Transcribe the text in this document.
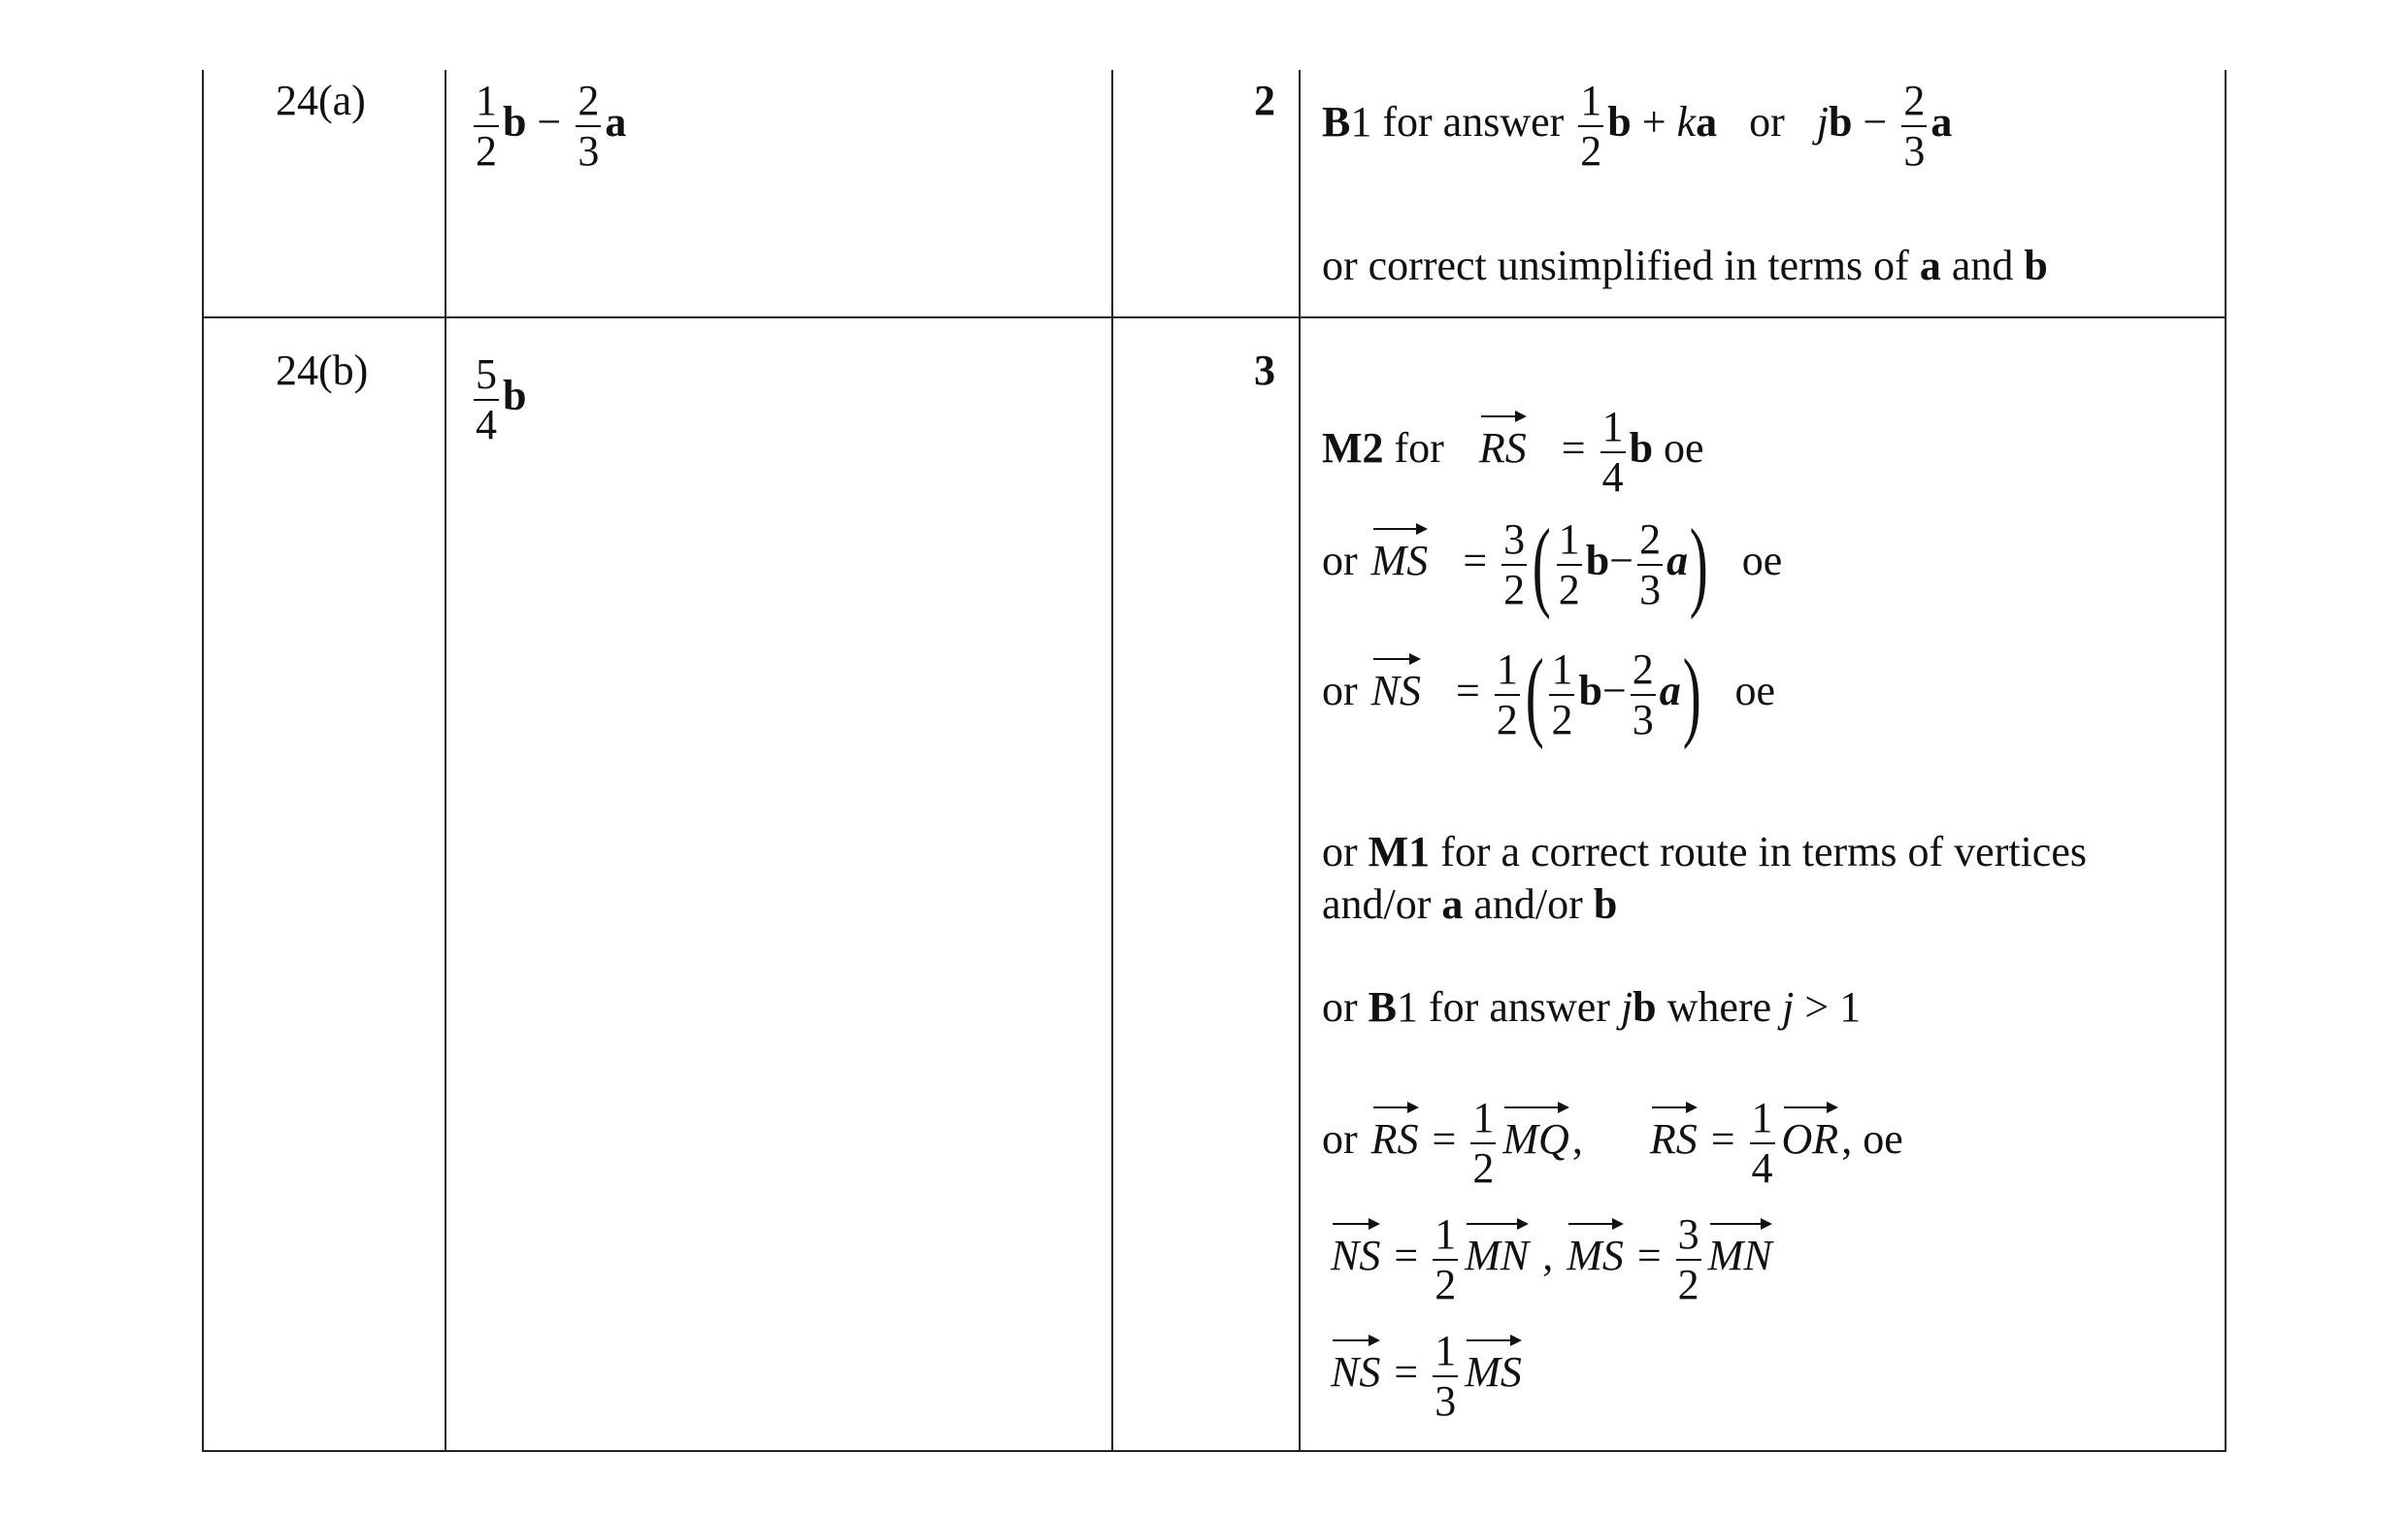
24(a)	$\frac{1}{2}$ $b - \frac{2}{3}$ a	2 B1 for answer $\frac{1}{2}$ b + ka or jb − $\frac{2}{3}$ a
or correct unsimplified in terms of a and b
$24(b) \frac{5}{4}$ b
3
M2 for RS = $\frac{1}{4}$ b oe
or MS = $\frac{3}{2}$ ( $\frac{1}{2} b- \frac{2}{3} a$) oe
or NS = $\frac{1}{2}$ ( $\frac{1}{2} b- \frac{2}{3} a$) oe
or M1 for a correct route in terms of vertices
and/or a and/or b
or B1 for answer jb where j > 1
or RS = $\frac{1}{2}$ MQ, RS = $\frac{1}{4}$ OR, oe
NS = $\frac{1}{2}$ MN , MS = $\frac{3}{2}$ MN
NS = $\frac{1}{3}$ MS
